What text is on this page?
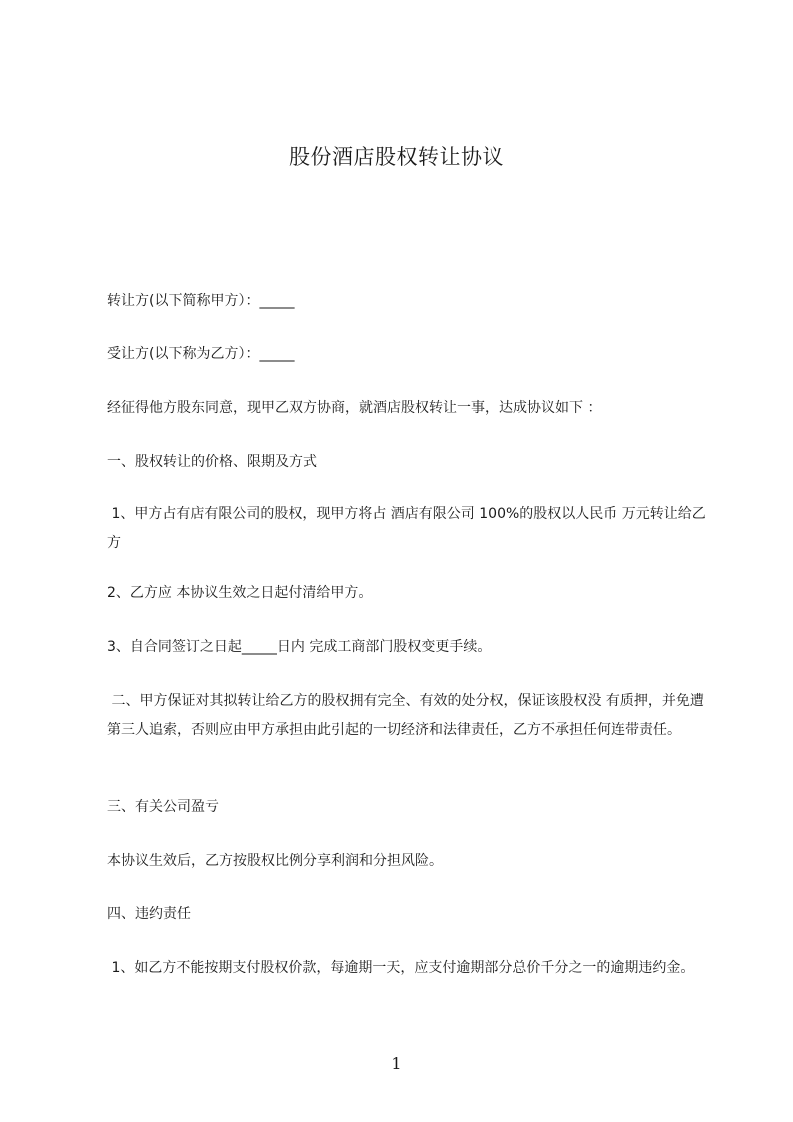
股份酒店股权转让协议
转让方(以下简称甲方）：_____
受让方(以下称为乙方）：_____
经征得他方股东同意，现甲乙双方协商，就酒店股权转让一事，达成协议如下 ：
一、股权转让的价格、限期及方式
1、甲方占有店有限公司的股权，现甲方将占 酒店有限公司 100%的股权以人民币 万元转让给乙方
2、乙方应 本协议生效之日起付清给甲方。
3、自合同签订之日起_____日内 完成工商部门股权变更手续。
二、甲方保证对其拟转让给乙方的股权拥有完全、有效的处分权，保证该股权没 有质押，并免遭第三人追索，否则应由甲方承担由此引起的一切经济和法律责任，乙方不承担任何连带责任。
三、有关公司盈亏
本协议生效后，乙方按股权比例分享利润和分担风险。
四、违约责任
1、如乙方不能按期支付股权价款，每逾期一天，应支付逾期部分总价千分之一的逾期违约金。
1
